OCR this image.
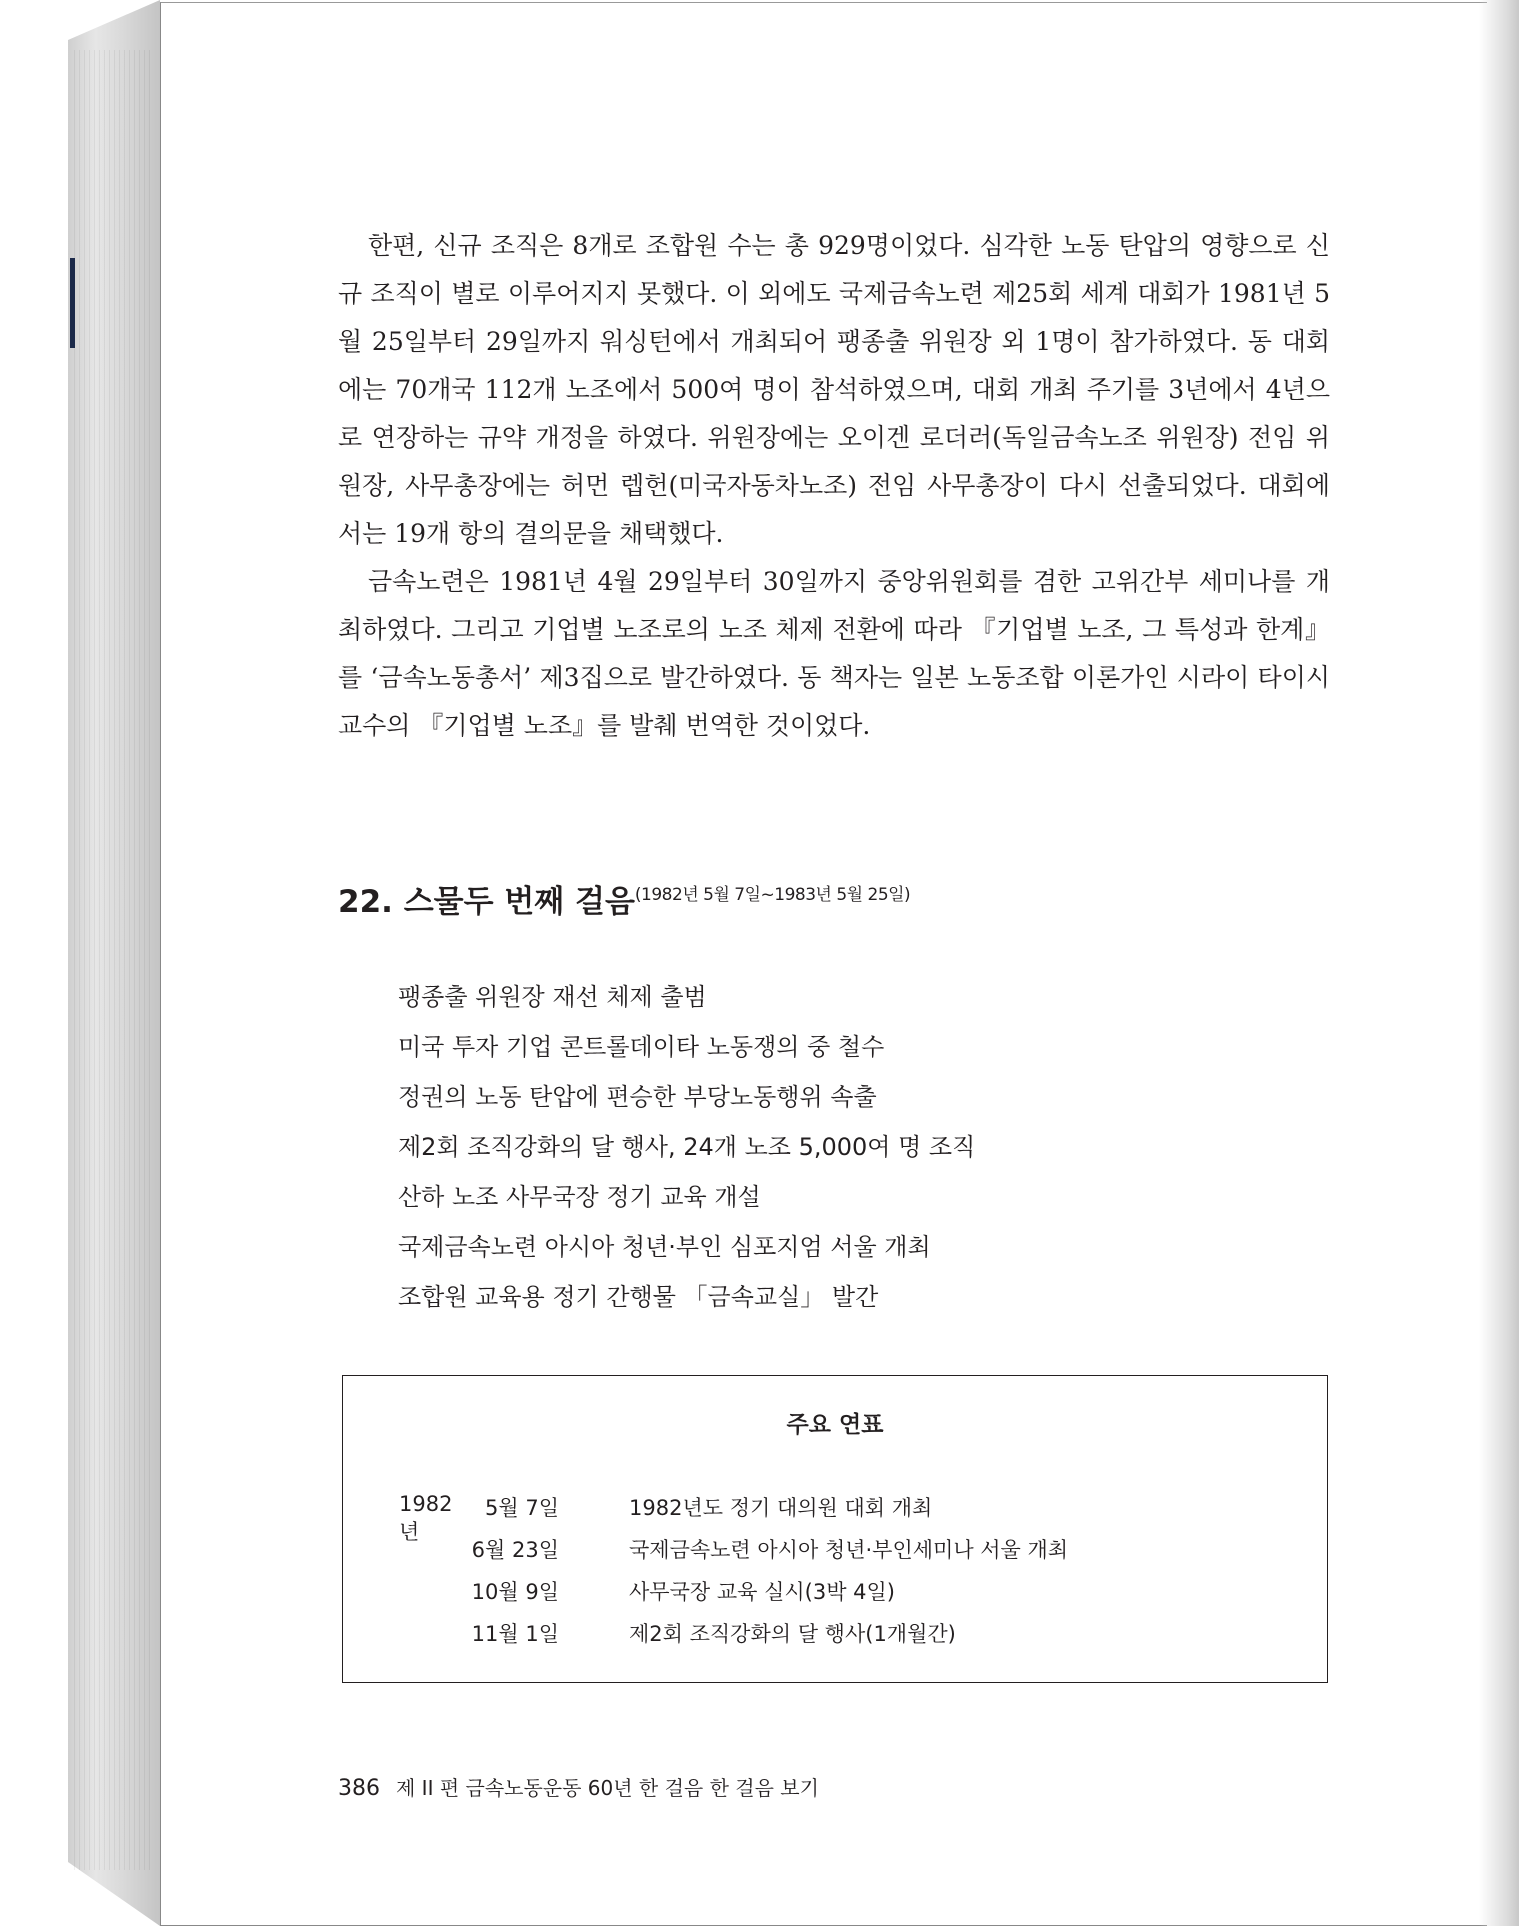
한편, 신규 조직은 8개로 조합원 수는 총 929명이었다. 심각한 노동 탄압의 영향으로 신규 조직이 별로 이루어지지 못했다. 이 외에도 국제금속노련 제25회 세계 대회가 1981년 5월 25일부터 29일까지 워싱턴에서 개최되어 팽종출 위원장 외 1명이 참가하였다. 동 대회에는 70개국 112개 노조에서 500여 명이 참석하였으며, 대회 개최 주기를 3년에서 4년으로 연장하는 규약 개정을 하였다. 위원장에는 오이겐 로더러(독일금속노조 위원장) 전임 위원장, 사무총장에는 허먼 렙헌(미국자동차노조) 전임 사무총장이 다시 선출되었다. 대회에서는 19개 항의 결의문을 채택했다.

금속노련은 1981년 4월 29일부터 30일까지 중앙위원회를 겸한 고위간부 세미나를 개최하였다. 그리고 기업별 노조로의 노조 체제 전환에 따라 『기업별 노조, 그 특성과 한계』를 ‘금속노동총서’ 제3집으로 발간하였다. 동 책자는 일본 노동조합 이론가인 시라이 타이시 교수의 『기업별 노조』를 발췌 번역한 것이었다.

22. 스물두 번째 걸음$^{(1982년 5월 7일\sim 1983년 5월 25일)}$
팽종출 위원장 재선 체제 출범
미국 투자 기업 콘트롤데이타 노동쟁의 중 철수
정권의 노동 탄압에 편승한 부당노동행위 속출
제2회 조직강화의 달 행사, 24개 노조 5,000여 명 조직
산하 노조 사무국장 정기 교육 개설
국제금속노련 아시아 청년·부인 심포지엄 서울 개최
조합원 교육용 정기 간행물 「금속교실」 발간
주요 연표
1982년
5월 7일	1982년도 정기 대의원 대회 개최
6월 23일	국제금속노련 아시아 청년·부인세미나 서울 개최
10월 9일	사무국장 교육 실시(3박 4일)
11월 1일	제2회 조직강화의 달 행사(1개월간)
386 제 II 편 금속노동운동 60년 한 걸음 한 걸음 보기
